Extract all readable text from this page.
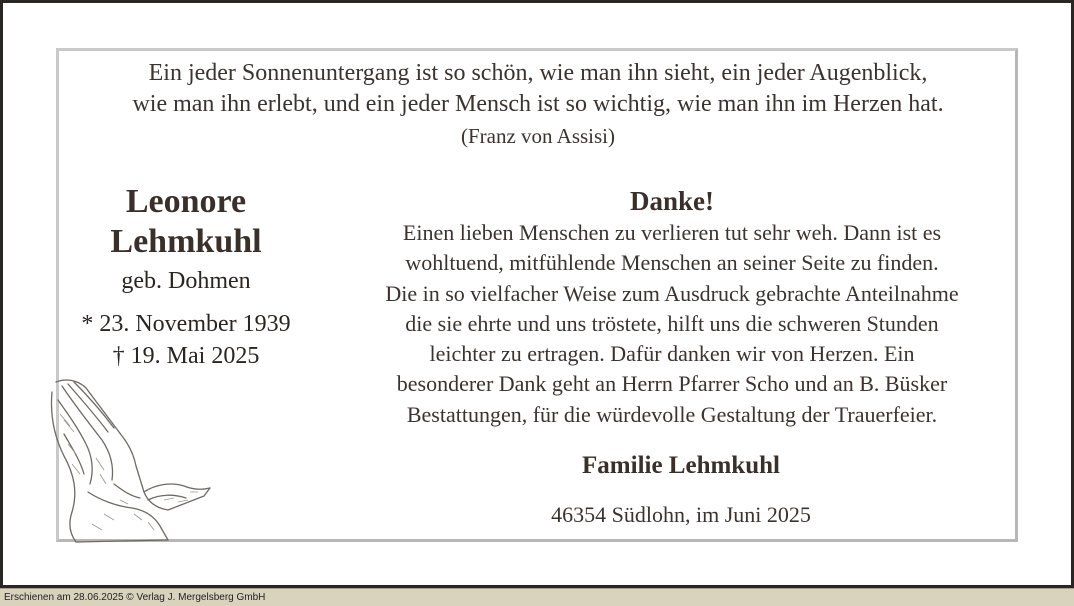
Ein jeder Sonnenuntergang ist so schön, wie man ihn sieht, ein jeder Augenblick,
wie man ihn erlebt, und ein jeder Mensch ist so wichtig, wie man ihn im Herzen hat.
(Franz von Assisi)
Leonore
Lehmkuhl
geb. Dohmen
* 23. November 1939
† 19. Mai 2025
Danke!
Einen lieben Menschen zu verlieren tut sehr weh. Dann ist es
wohltuend, mitfühlende Menschen an seiner Seite zu finden.
Die in so vielfacher Weise zum Ausdruck gebrachte Anteilnahme
die sie ehrte und uns tröstete, hilft uns die schweren Stunden
leichter zu ertragen. Dafür danken wir von Herzen. Ein
besonderer Dank geht an Herrn Pfarrer Scho und an B. Büsker
Bestattungen, für die würdevolle Gestaltung der Trauerfeier.
Familie Lehmkuhl
46354 Südlohn, im Juni 2025
Erschienen am 28.06.2025 © Verlag J. Mergelsberg GmbH
